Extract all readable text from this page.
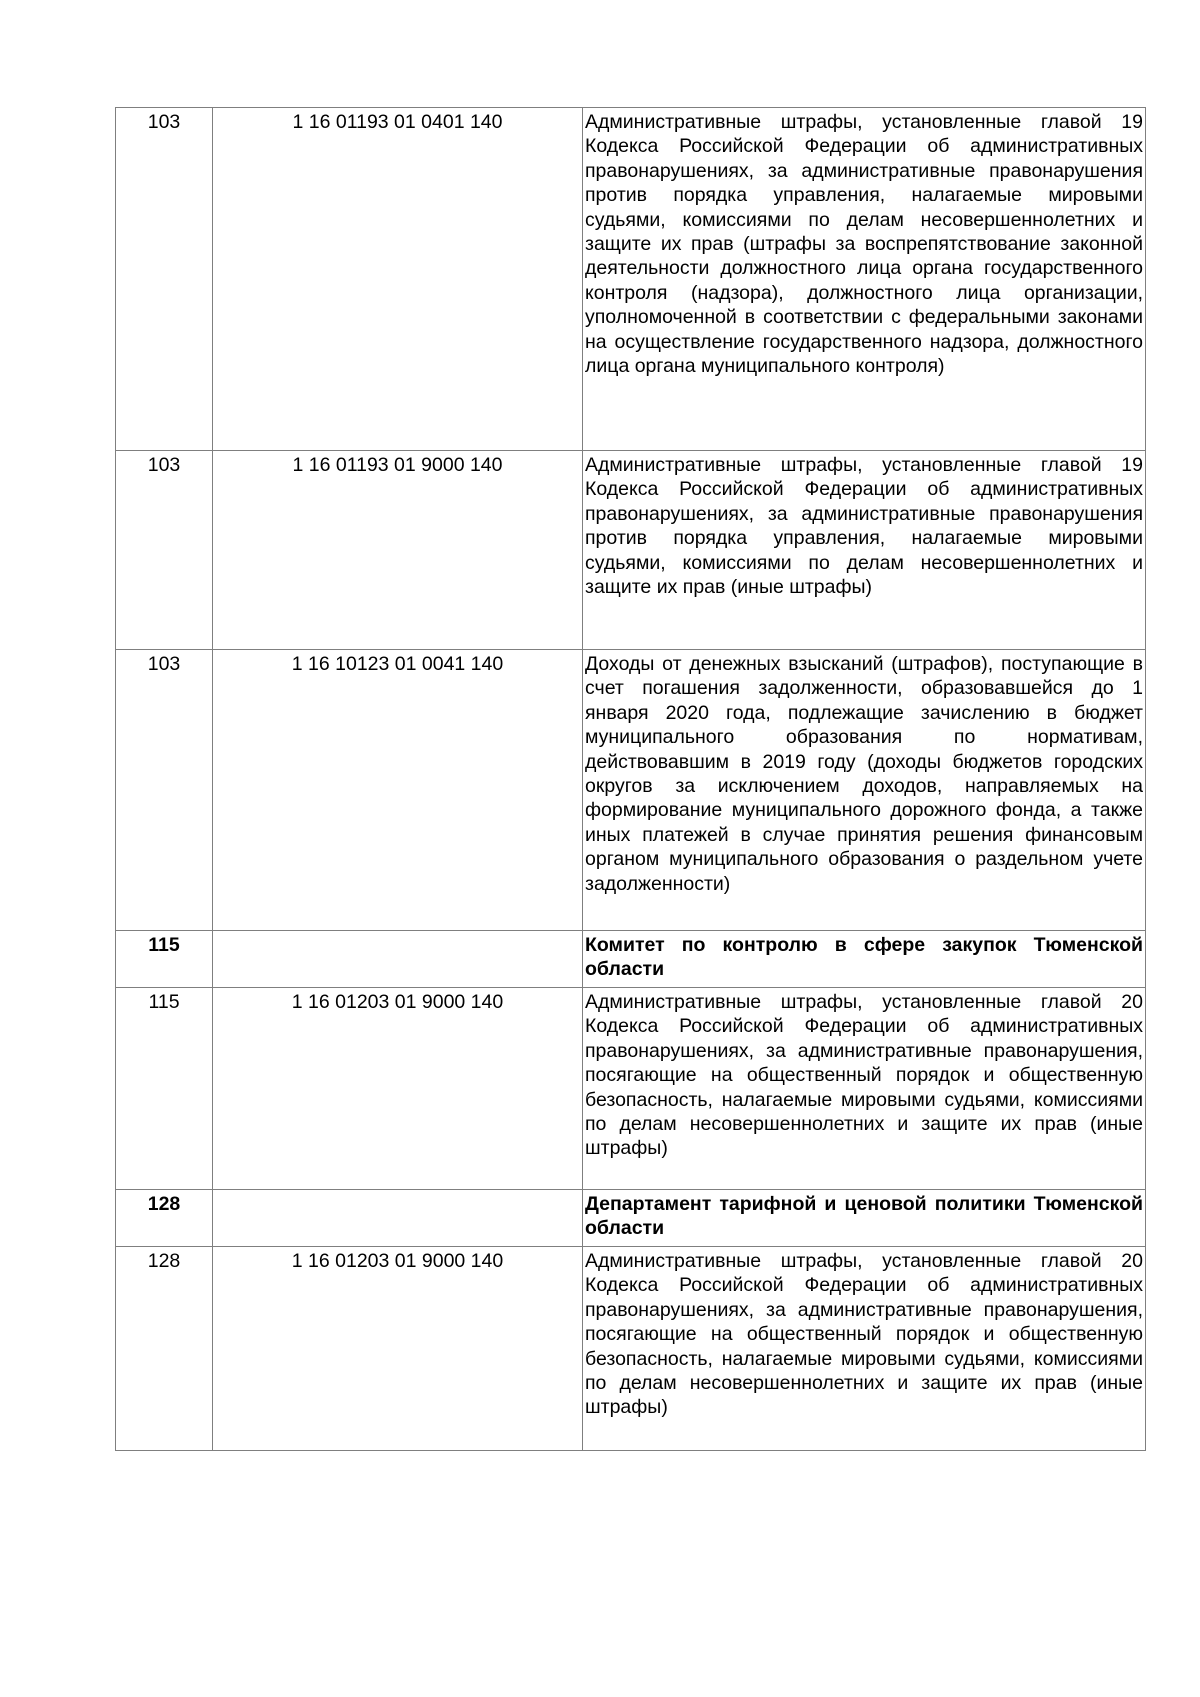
103	1 16 01193 01 0401 140	Административные штрафы, установленные главой 19 Кодекса Российской Федерации об административных правонарушениях, за административные правонарушения против порядка управления, налагаемые мировыми судьями, комиссиями по делам несовершеннолетних и защите их прав (штрафы за воспрепятствование законной деятельности должностного лица органа государственного контроля (надзора), должностного лица организации, уполномоченной в соответствии с федеральными законами на осуществление государственного надзора, должностного лица органа муниципального контроля)
103	1 16 01193 01 9000 140	Административные штрафы, установленные главой 19 Кодекса Российской Федерации об административных правонарушениях, за административные правонарушения против порядка управления, налагаемые мировыми судьями, комиссиями по делам несовершеннолетних и защите их прав (иные штрафы)
103	1 16 10123 01 0041 140	Доходы от денежных взысканий (штрафов), поступающие в счет погашения задолженности, образовавшейся до 1 января 2020 года, подлежащие зачислению в бюджет муниципального образования по нормативам, действовавшим в 2019 году (доходы бюджетов городских округов за исключением доходов, направляемых на формирование муниципального дорожного фонда, а также иных платежей в случае принятия решения финансовым органом муниципального образования о раздельном учете задолженности)
115		Комитет по контролю в сфере закупок Тюменской области
115	1 16 01203 01 9000 140	Административные штрафы, установленные главой 20 Кодекса Российской Федерации об административных правонарушениях, за административные правонарушения, посягающие на общественный порядок и общественную безопасность, налагаемые мировыми судьями, комиссиями по делам несовершеннолетних и защите их прав (иные штрафы)
128		Департамент тарифной и ценовой политики Тюменской области
128	1 16 01203 01 9000 140	Административные штрафы, установленные главой 20 Кодекса Российской Федерации об административных правонарушениях, за административные правонарушения, посягающие на общественный порядок и общественную безопасность, налагаемые мировыми судьями, комиссиями по делам несовершеннолетних и защите их прав (иные штрафы)
